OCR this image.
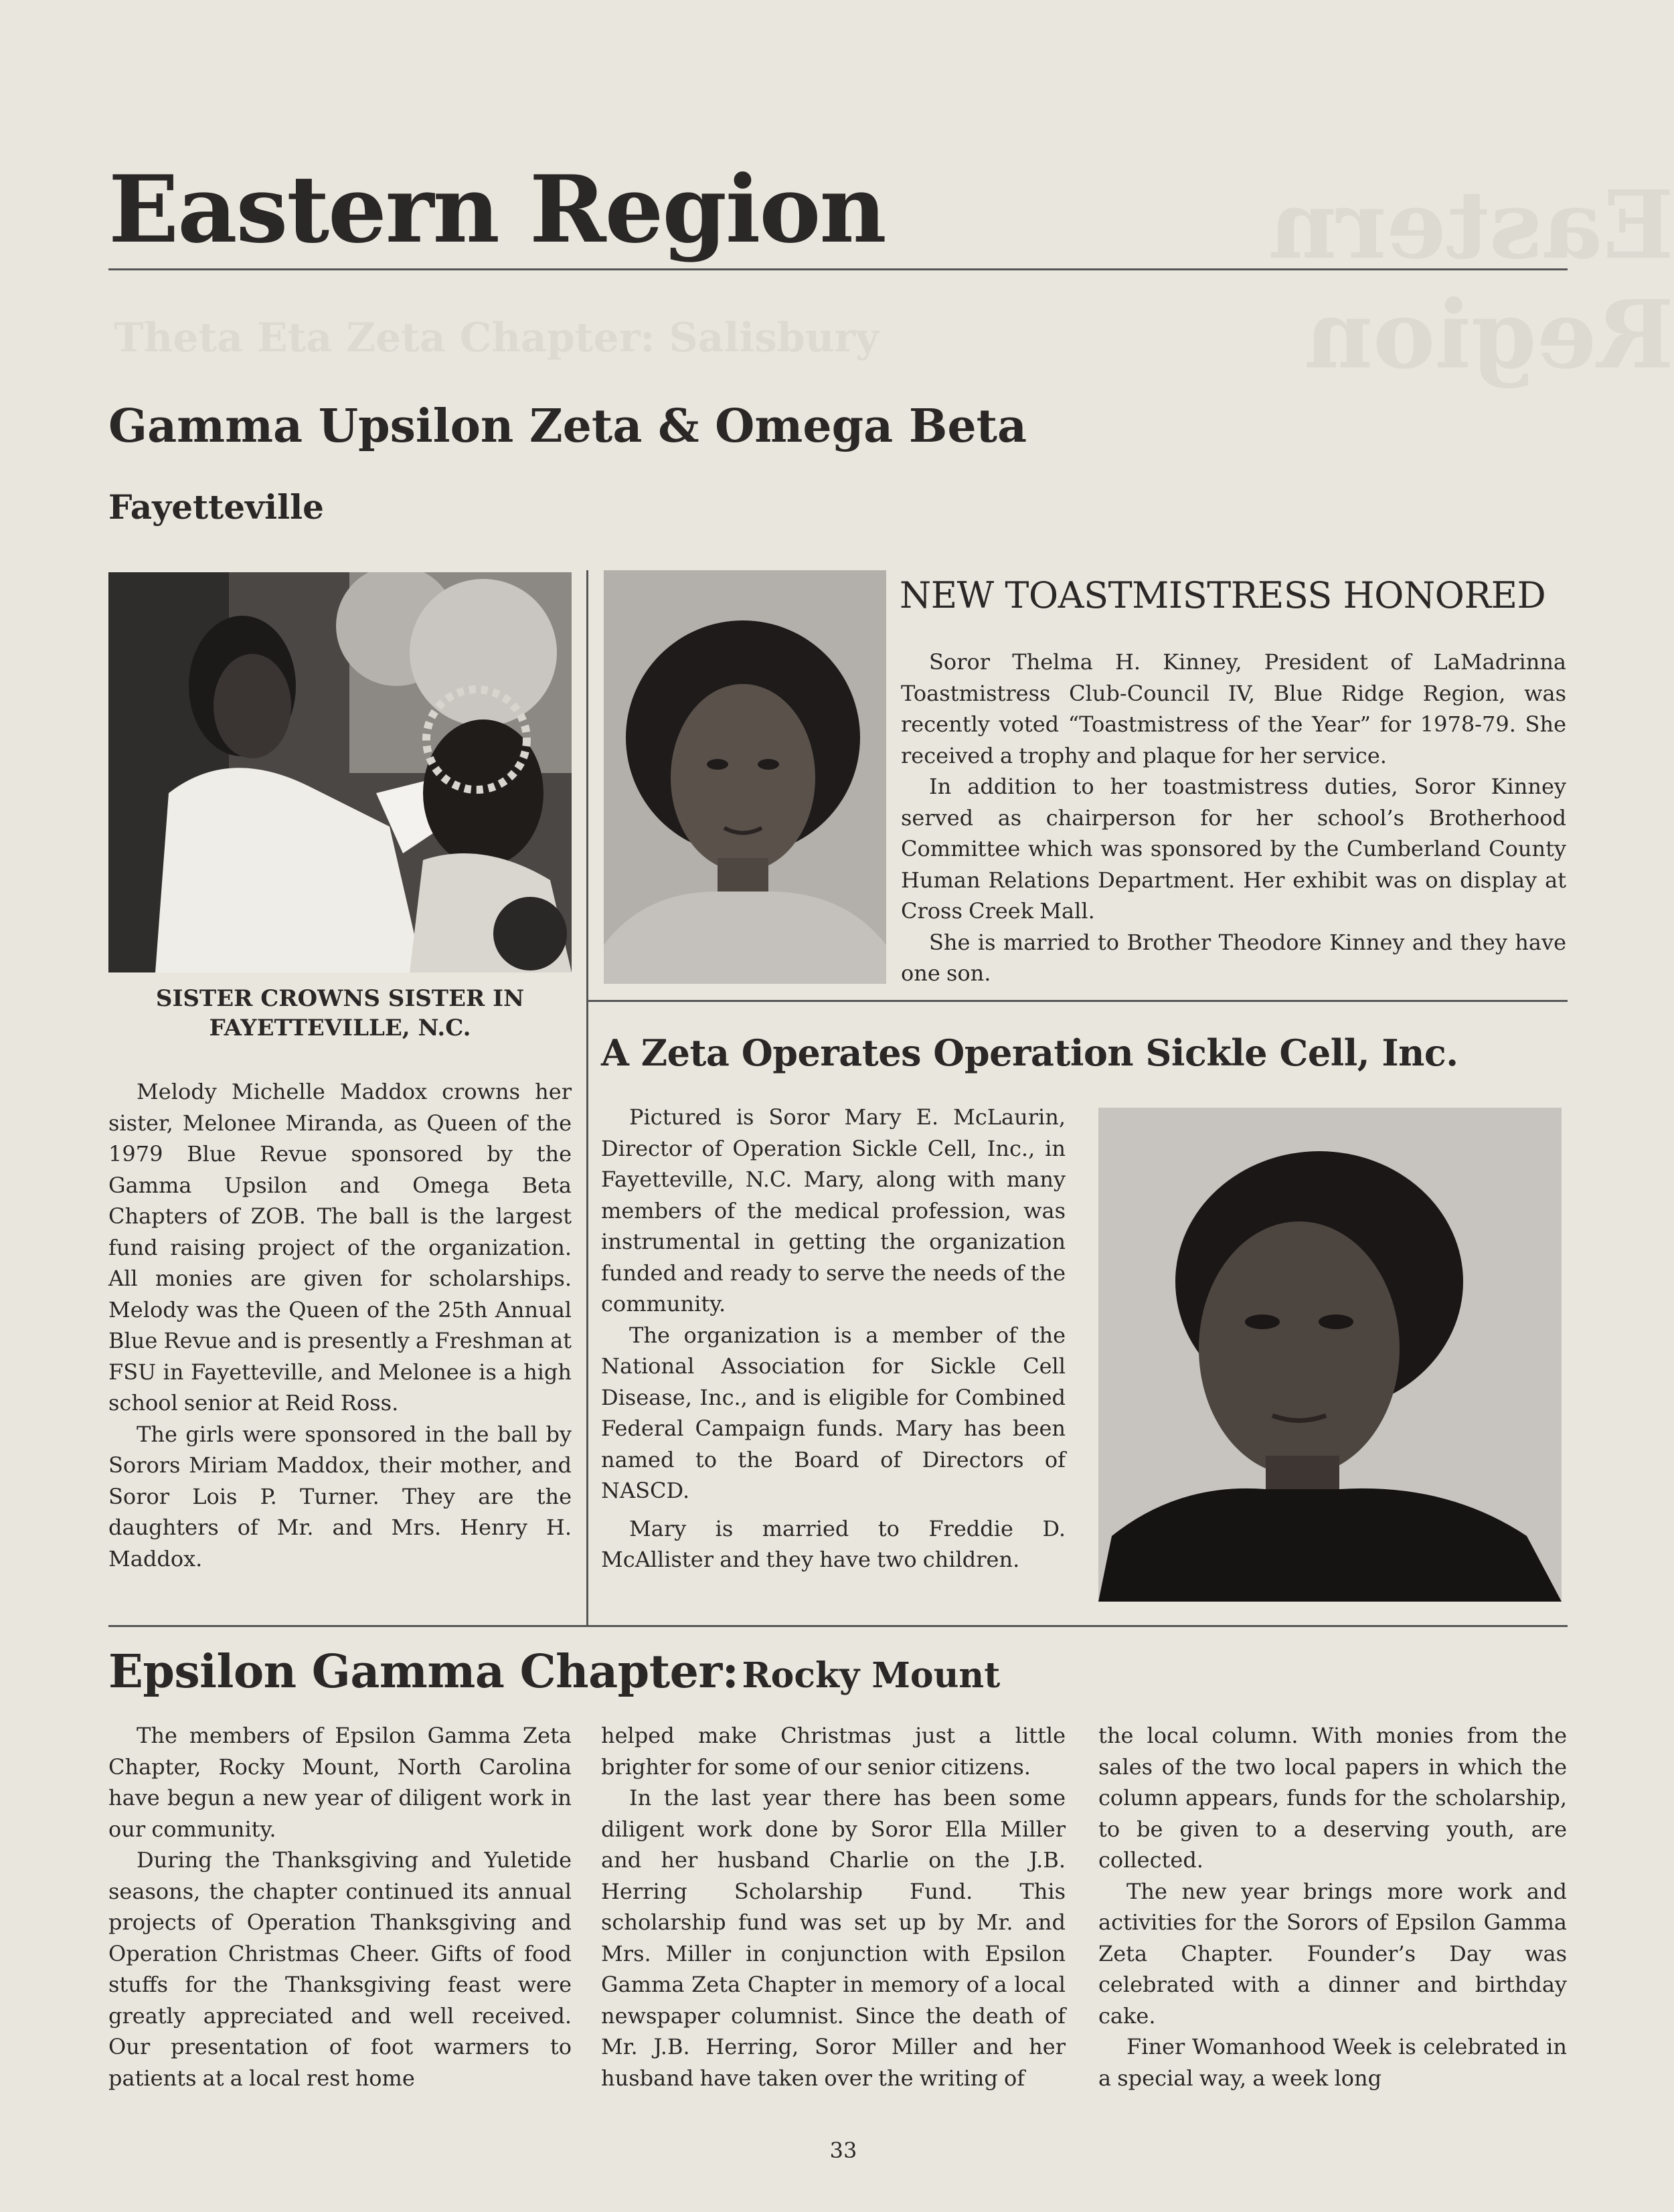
Eastern Region
Theta Eta Zeta Chapter: Salisbury
Eastern Region
Gamma Upsilon Zeta & Omega Beta
Fayetteville
SISTER CROWNS SISTER IN
FAYETTEVILLE, N.C.

Melody Michelle Maddox crowns her sister, Melonee Miranda, as Queen of the 1979 Blue Revue sponsored by the Gamma Upsilon and Omega Beta Chapters of ZOB. The ball is the largest fund raising project of the organization. All monies are given for scholarships. Melody was the Queen of the 25th Annual Blue Revue and is presently a Freshman at FSU in Fayetteville, and Melonee is a high school senior at Reid Ross.

The girls were sponsored in the ball by Sorors Miriam Maddox, their mother, and Soror Lois P. Turner. They are the daughters of Mr. and Mrs. Henry H. Maddox.

NEW TOASTMISTRESS HONORED

Soror Thelma H. Kinney, President of LaMadrinna Toastmistress Club-Council IV, Blue Ridge Region, was recently voted “Toastmistress of the Year” for 1978-79. She received a trophy and plaque for her service.

In addition to her toastmistress duties, Soror Kinney served as chairperson for her school’s Brotherhood Committee which was sponsored by the Cumberland County Human Relations Department. Her exhibit was on display at Cross Creek Mall.

She is married to Brother Theodore Kinney and they have one son.

A Zeta Operates Operation Sickle Cell, Inc.

Pictured is Soror Mary E. McLaurin, Director of Operation Sickle Cell, Inc., in Fayetteville, N.C. Mary, along with many members of the medical profession, was instrumental in getting the organization funded and ready to serve the needs of the community.

The organization is a member of the National Association for Sickle Cell Disease, Inc., and is eligible for Combined Federal Campaign funds. Mary has been named to the Board of Directors of NASCD.

Mary is married to Freddie D. McAllister and they have two children.

Epsilon Gamma Chapter: Rocky Mount

The members of Epsilon Gamma Zeta Chapter, Rocky Mount, North Carolina have begun a new year of diligent work in our community.

During the Thanksgiving and Yuletide seasons, the chapter continued its annual projects of Operation Thanksgiving and Operation Christmas Cheer. Gifts of food stuffs for the Thanksgiving feast were greatly appreciated and well received. Our presentation of foot warmers to patients at a local rest home

helped make Christmas just a little brighter for some of our senior citizens.

In the last year there has been some diligent work done by Soror Ella Miller and her husband Charlie on the J.B. Herring Scholarship Fund. This scholarship fund was set up by Mr. and Mrs. Miller in conjunction with Epsilon Gamma Zeta Chapter in memory of a local newspaper columnist. Since the death of Mr. J.B. Herring, Soror Miller and her husband have taken over the writing of

the local column. With monies from the sales of the two local papers in which the column appears, funds for the scholarship, to be given to a deserving youth, are collected.

The new year brings more work and activities for the Sorors of Epsilon Gamma Zeta Chapter. Founder’s Day was celebrated with a dinner and birthday cake.

Finer Womanhood Week is celebrated in a special way, a week long

33
